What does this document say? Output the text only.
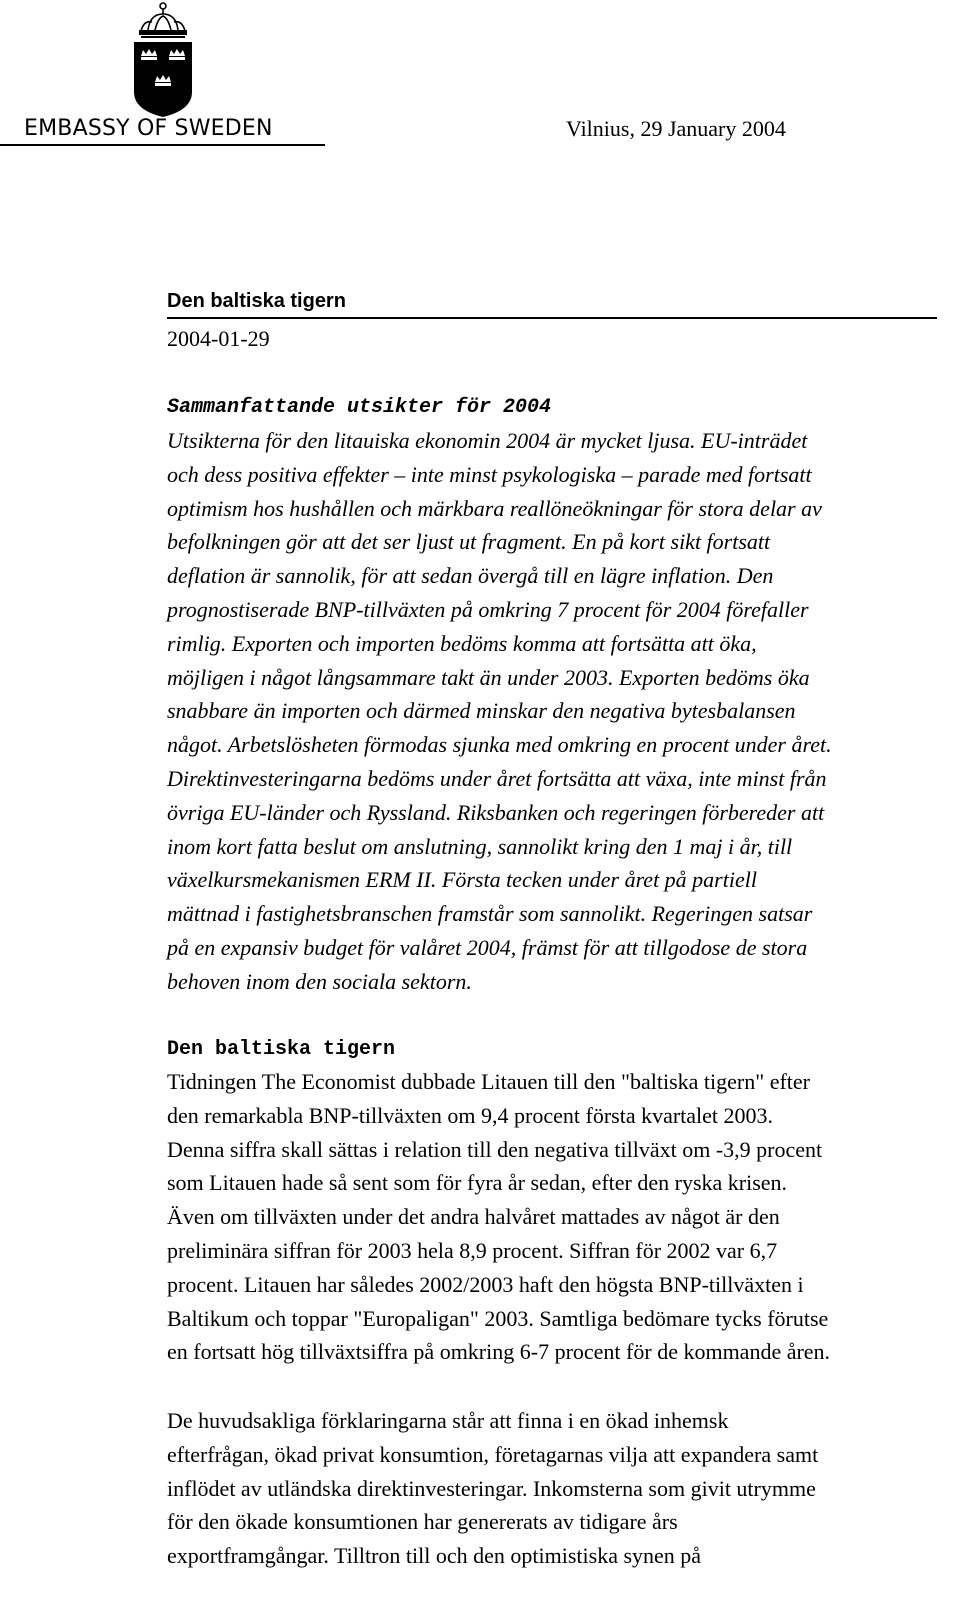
EMBASSY OF SWEDEN	Vilnius, 29 January 2004
Den baltiska tigern
2004-01-29
Sammanfattande utsikter för 2004

Utsikterna för den litauiska ekonomin 2004 är mycket ljusa. EU-inträdet
och dess positiva effekter – inte minst psykologiska – parade med fortsatt
optimism hos hushållen och märkbara reallöneökningar för stora delar av
befolkningen gör att det ser ljust ut fragment. En på kort sikt fortsatt
deflation är sannolik, för att sedan övergå till en lägre inflation. Den
prognostiserade BNP-tillväxten på omkring 7 procent för 2004 förefaller
rimlig. Exporten och importen bedöms komma att fortsätta att öka,
möjligen i något långsammare takt än under 2003. Exporten bedöms öka
snabbare än importen och därmed minskar den negativa bytesbalansen
något. Arbetslösheten förmodas sjunka med omkring en procent under året.
Direktinvesteringarna bedöms under året fortsätta att växa, inte minst från
övriga EU-länder och Ryssland. Riksbanken och regeringen förbereder att
inom kort fatta beslut om anslutning, sannolikt kring den 1 maj i år, till
växelkursmekanismen ERM II. Första tecken under året på partiell
mättnad i fastighetsbranschen framstår som sannolikt. Regeringen satsar
på en expansiv budget för valåret 2004, främst för att tillgodose de stora
behoven inom den sociala sektorn.

Den baltiska tigern

Tidningen The Economist dubbade Litauen till den "baltiska tigern" efter
den remarkabla BNP-tillväxten om 9,4 procent första kvartalet 2003.
Denna siffra skall sättas i relation till den negativa tillväxt om -3,9 procent
som Litauen hade så sent som för fyra år sedan, efter den ryska krisen.
Även om tillväxten under det andra halvåret mattades av något är den
preliminära siffran för 2003 hela 8,9 procent. Siffran för 2002 var 6,7
procent. Litauen har således 2002/2003 haft den högsta BNP-tillväxten i
Baltikum och toppar "Europaligan" 2003. Samtliga bedömare tycks förutse
en fortsatt hög tillväxtsiffra på omkring 6-7 procent för de kommande åren.

De huvudsakliga förklaringarna står att finna i en ökad inhemsk
efterfrågan, ökad privat konsumtion, företagarnas vilja att expandera samt
inflödet av utländska direktinvesteringar. Inkomsterna som givit utrymme
för den ökade konsumtionen har genererats av tidigare års
exportframgångar. Tilltron till och den optimistiska synen på
